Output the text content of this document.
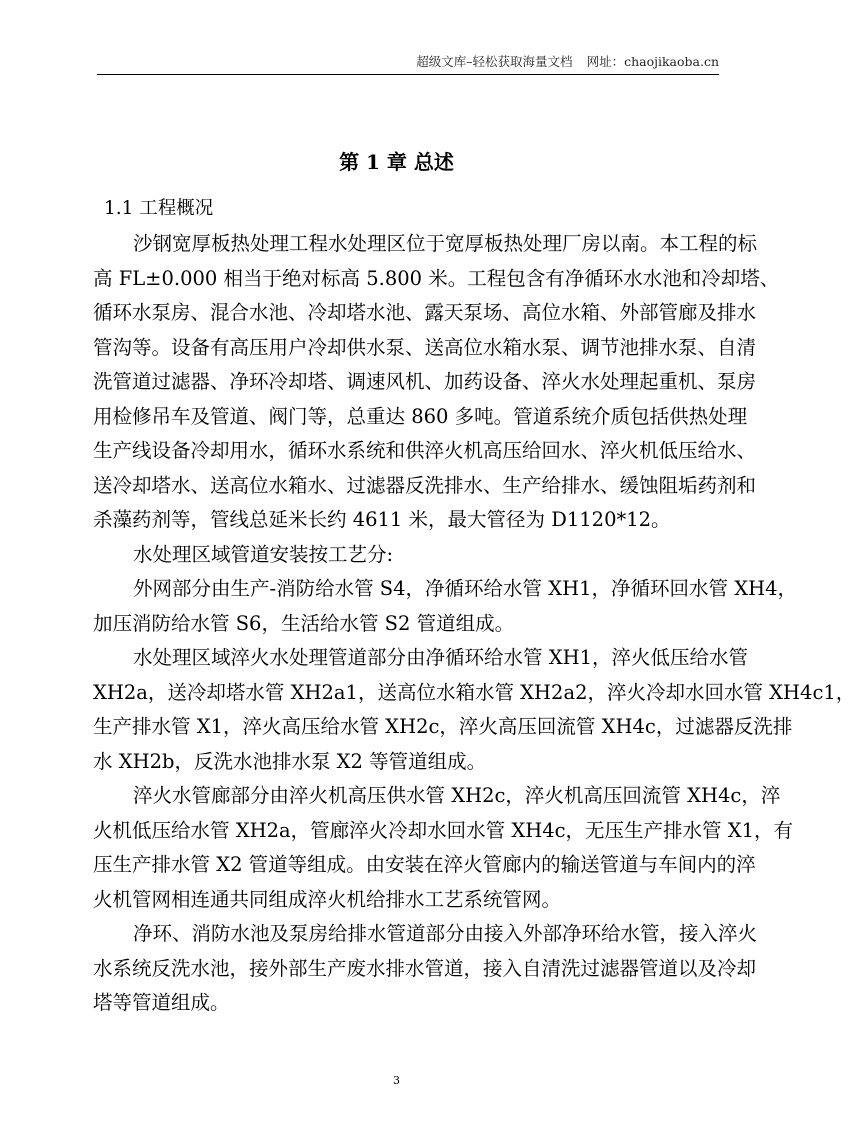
超级文库–轻松获取海量文档 网址：chaojikaoba.cn
第 1 章 总述
1.1 工程概况
沙钢宽厚板热处理工程水处理区位于宽厚板热处理厂房以南。本工程的标
高 FL±0.000 相当于绝对标高 5.800 米。工程包含有净循环水水池和冷却塔、
循环水泵房、混合水池、冷却塔水池、露天泵场、高位水箱、外部管廊及排水
管沟等。设备有高压用户冷却供水泵、送高位水箱水泵、调节池排水泵、自清
洗管道过滤器、净环冷却塔、调速风机、加药设备、淬火水处理起重机、泵房
用检修吊车及管道、阀门等，总重达 860 多吨。管道系统介质包括供热处理
生产线设备冷却用水，循环水系统和供淬火机高压给回水、淬火机低压给水、
送冷却塔水、送高位水箱水、过滤器反洗排水、生产给排水、缓蚀阻垢药剂和
杀藻药剂等，管线总延米长约 4611 米，最大管径为 D1120*12。
水处理区域管道安装按工艺分:
外网部分由生产-消防给水管 S4，净循环给水管 XH1，净循环回水管 XH4，
加压消防给水管 S6，生活给水管 S2 管道组成。
水处理区域淬火水处理管道部分由净循环给水管 XH1，淬火低压给水管
XH2a，送冷却塔水管 XH2a1，送高位水箱水管 XH2a2，淬火冷却水回水管 XH4c1，
生产排水管 X1，淬火高压给水管 XH2c，淬火高压回流管 XH4c，过滤器反洗排
水 XH2b，反洗水池排水泵 X2 等管道组成。
淬火水管廊部分由淬火机高压供水管 XH2c，淬火机高压回流管 XH4c，淬
火机低压给水管 XH2a，管廊淬火冷却水回水管 XH4c，无压生产排水管 X1，有
压生产排水管 X2 管道等组成。由安装在淬火管廊内的输送管道与车间内的淬
火机管网相连通共同组成淬火机给排水工艺系统管网。
净环、消防水池及泵房给排水管道部分由接入外部净环给水管，接入淬火
水系统反洗水池，接外部生产废水排水管道，接入自清洗过滤器管道以及冷却
塔等管道组成。
3
